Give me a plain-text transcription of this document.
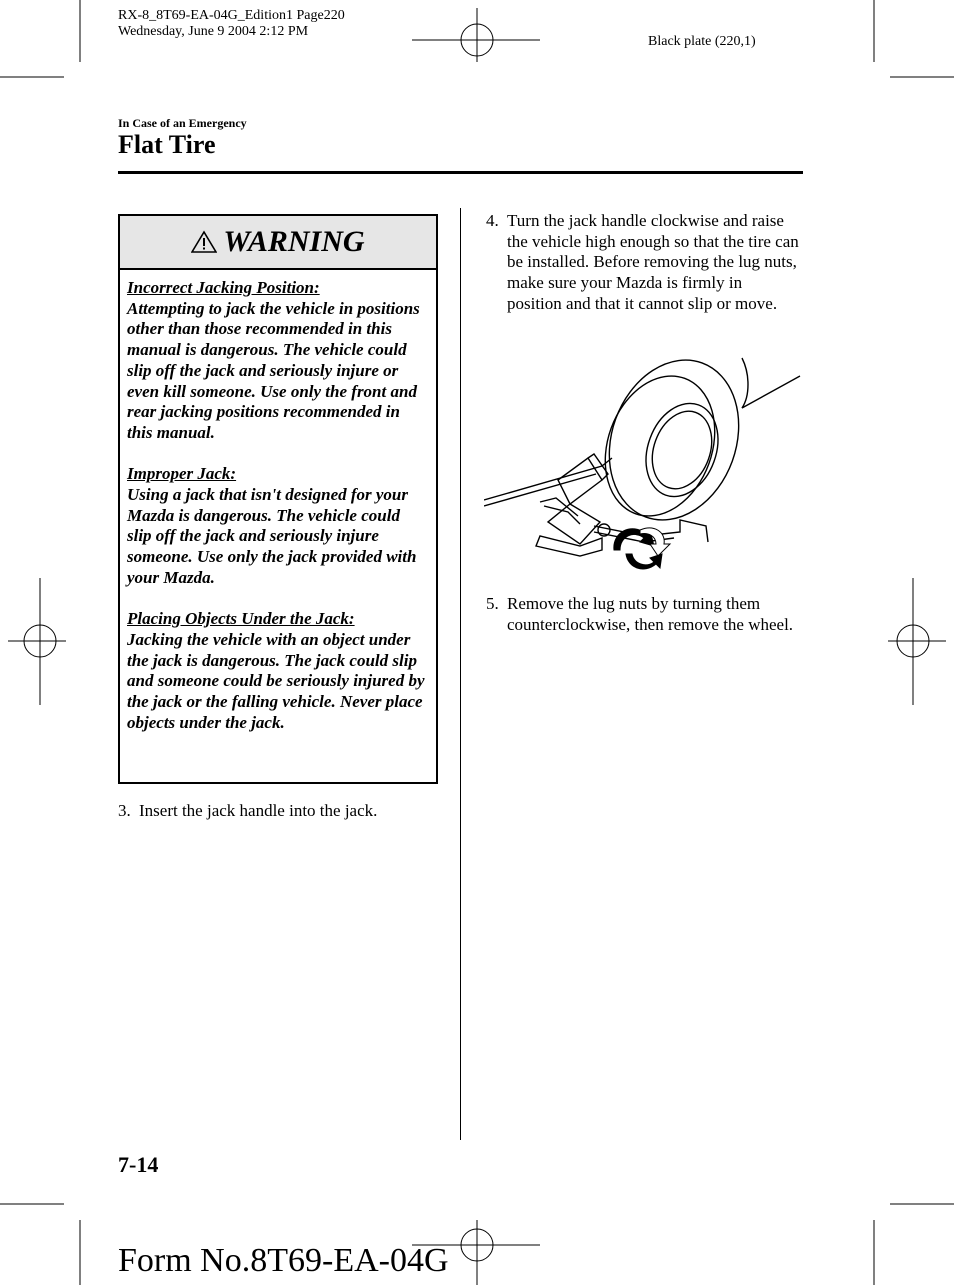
RX-8_8T69-EA-04G_Edition1 Page220
Wednesday, June 9 2004 2:12 PM
Black plate (220,1)
In Case of an Emergency
Flat Tire
WARNING
Incorrect Jacking Position:
Attempting to jack the vehicle in positions other than those recommended in this manual is dangerous. The vehicle could slip off the jack and seriously injure or even kill someone. Use only the front and rear jacking positions recommended in this manual.
Improper Jack:
Using a jack that isn't designed for your Mazda is dangerous. The vehicle could slip off the jack and seriously injure someone. Use only the jack provided with your Mazda.
Placing Objects Under the Jack:
Jacking the vehicle with an object under the jack is dangerous. The jack could slip and someone could be seriously injured by the jack or the falling vehicle. Never place objects under the jack.
3. Insert the jack handle into the jack.
4. Turn the jack handle clockwise and raise the vehicle high enough so that the tire can be installed. Before removing the lug nuts, make sure your Mazda is firmly in position and that it cannot slip or move.
5. Remove the lug nuts by turning them counterclockwise, then remove the wheel.
7-14
Form No.8T69-EA-04G
